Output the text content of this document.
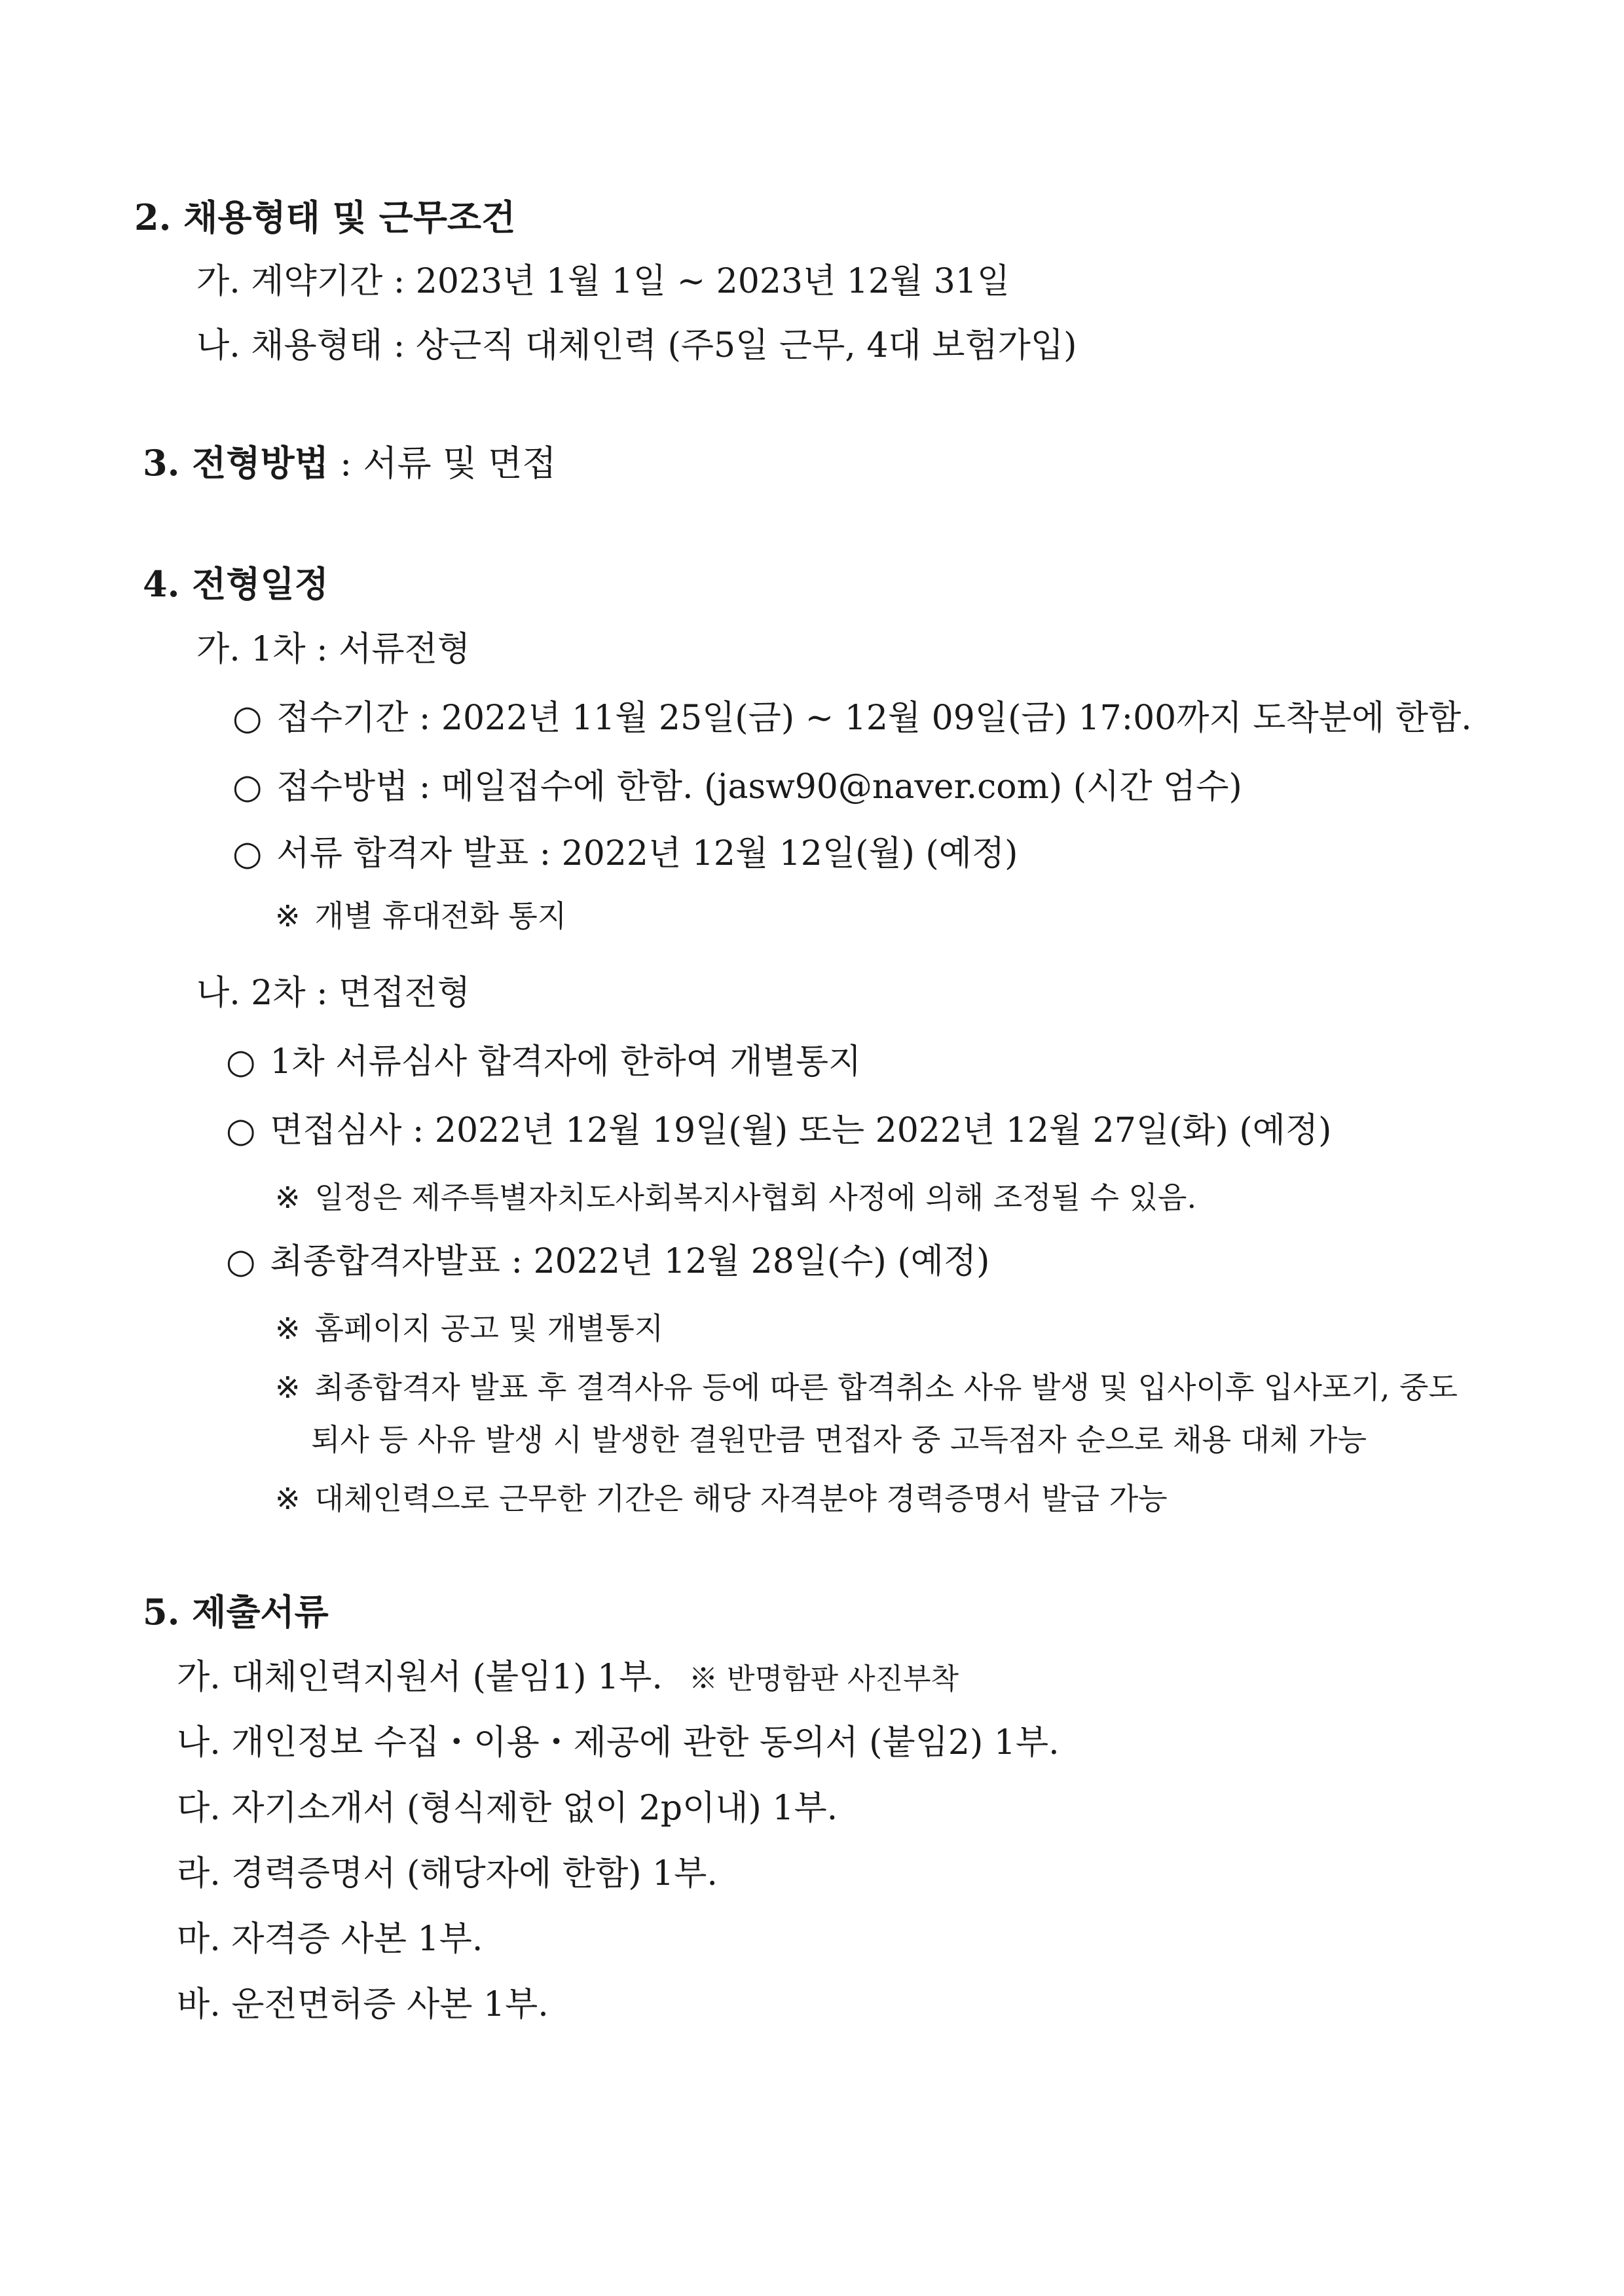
2. 채용형태 및 근무조건
가. 계약기간 : 2023년 1월 1일 ~ 2023년 12월 31일
나. 채용형태 : 상근직 대체인력 (주5일 근무, 4대 보험가입)
3. 전형방법 : 서류 및 면접
4. 전형일정
가. 1차 : 서류전형
○ 접수기간 : 2022년 11월 25일(금) ~ 12월 09일(금) 17:00까지 도착분에 한함.
○ 접수방법 : 메일접수에 한함. (jasw90@naver.com) (시간 엄수)
○ 서류 합격자 발표 : 2022년 12월 12일(월) (예정)
※ 개별 휴대전화 통지
나. 2차 : 면접전형
○ 1차 서류심사 합격자에 한하여 개별통지
○ 면접심사 : 2022년 12월 19일(월) 또는 2022년 12월 27일(화) (예정)
※ 일정은 제주특별자치도사회복지사협회 사정에 의해 조정될 수 있음.
○ 최종합격자발표 : 2022년 12월 28일(수) (예정)
※ 홈페이지 공고 및 개별통지
※ 최종합격자 발표 후 결격사유 등에 따른 합격취소 사유 발생 및 입사이후 입사포기, 중도
퇴사 등 사유 발생 시 발생한 결원만큼 면접자 중 고득점자 순으로 채용 대체 가능
※ 대체인력으로 근무한 기간은 해당 자격분야 경력증명서 발급 가능
5. 제출서류
가. 대체인력지원서 (붙임1) 1부. ※ 반명함판 사진부착
나. 개인정보 수집・이용・제공에 관한 동의서 (붙임2) 1부.
다. 자기소개서 (형식제한 없이 2p이내) 1부.
라. 경력증명서 (해당자에 한함) 1부.
마. 자격증 사본 1부.
바. 운전면허증 사본 1부.
